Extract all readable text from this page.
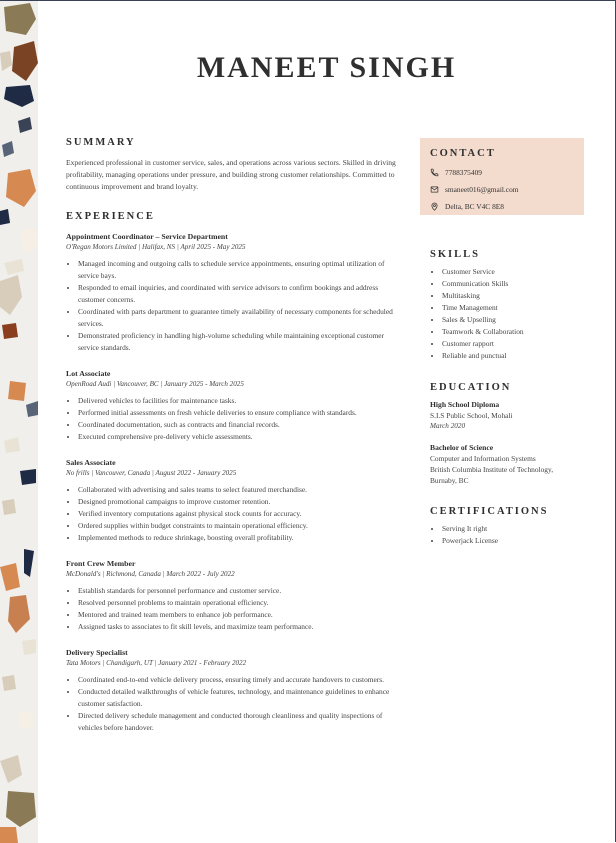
MANEET SINGH
SUMMARY

Experienced professional in customer service, sales, and operations across various sectors. Skilled in driving profitability, managing operations under pressure, and building strong customer relationships. Committed to continuous improvement and brand loyalty.

EXPERIENCE
Appointment Coordinator – Service Department
O'Regan Motors Limited | Halifax, NS | April 2025 - May 2025
• Managed incoming and outgoing calls to schedule service appointments, ensuring optimal utilization of service bays.
• Responded to email inquiries, and coordinated with service advisors to confirm bookings and address customer concerns.
• Coordinated with parts department to guarantee timely availability of necessary components for scheduled services.
• Demonstrated proficiency in handling high-volume scheduling while maintaining exceptional customer service standards.
Lot Associate
OpenRoad Audi | Vancouver, BC | January 2025 - March 2025
• Delivered vehicles to facilities for maintenance tasks.
• Performed initial assessments on fresh vehicle deliveries to ensure compliance with standards.
• Coordinated documentation, such as contracts and financial records.
• Executed comprehensive pre-delivery vehicle assessments.
Sales Associate
No frills | Vancouver, Canada | August 2022 - January 2025
• Collaborated with advertising and sales teams to select featured merchandise.
• Designed promotional campaigns to improve customer retention.
• Verified inventory computations against physical stock counts for accuracy.
• Ordered supplies within budget constraints to maintain operational efficiency.
• Implemented methods to reduce shrinkage, boosting overall profitability.
Front Crew Member
McDonald's | Richmond, Canada | March 2022 - July 2022
• Establish standards for personnel performance and customer service.
• Resolved personnel problems to maintain operational efficiency.
• Mentored and trained team members to enhance job performance.
• Assigned tasks to associates to fit skill levels, and maximize team performance.
Delivery Specialist
Tata Motors | Chandigarh, UT | January 2021 - February 2022
• Coordinated end-to-end vehicle delivery process, ensuring timely and accurate handovers to customers.
• Conducted detailed walkthroughs of vehicle features, technology, and maintenance guidelines to enhance customer satisfaction.
• Directed delivery schedule management and conducted thorough cleanliness and quality inspections of vehicles before handover.
CONTACT
7788375409
smaneet016@gmail.com
Delta, BC V4C 8E8
SKILLS
• Customer Service
• Communication Skills
• Multitasking
• Time Management
• Sales & Upselling
• Teamwork & Collaboration
• Customer rapport
• Reliable and punctual
EDUCATION
High School Diploma
S.I.S Public School, Mohali
March 2020
Bachelor of Science
Computer and Information Systems
British Columbia Institute of Technology, Burnaby, BC
CERTIFICATIONS
• Serving It right
• Powerjack License
